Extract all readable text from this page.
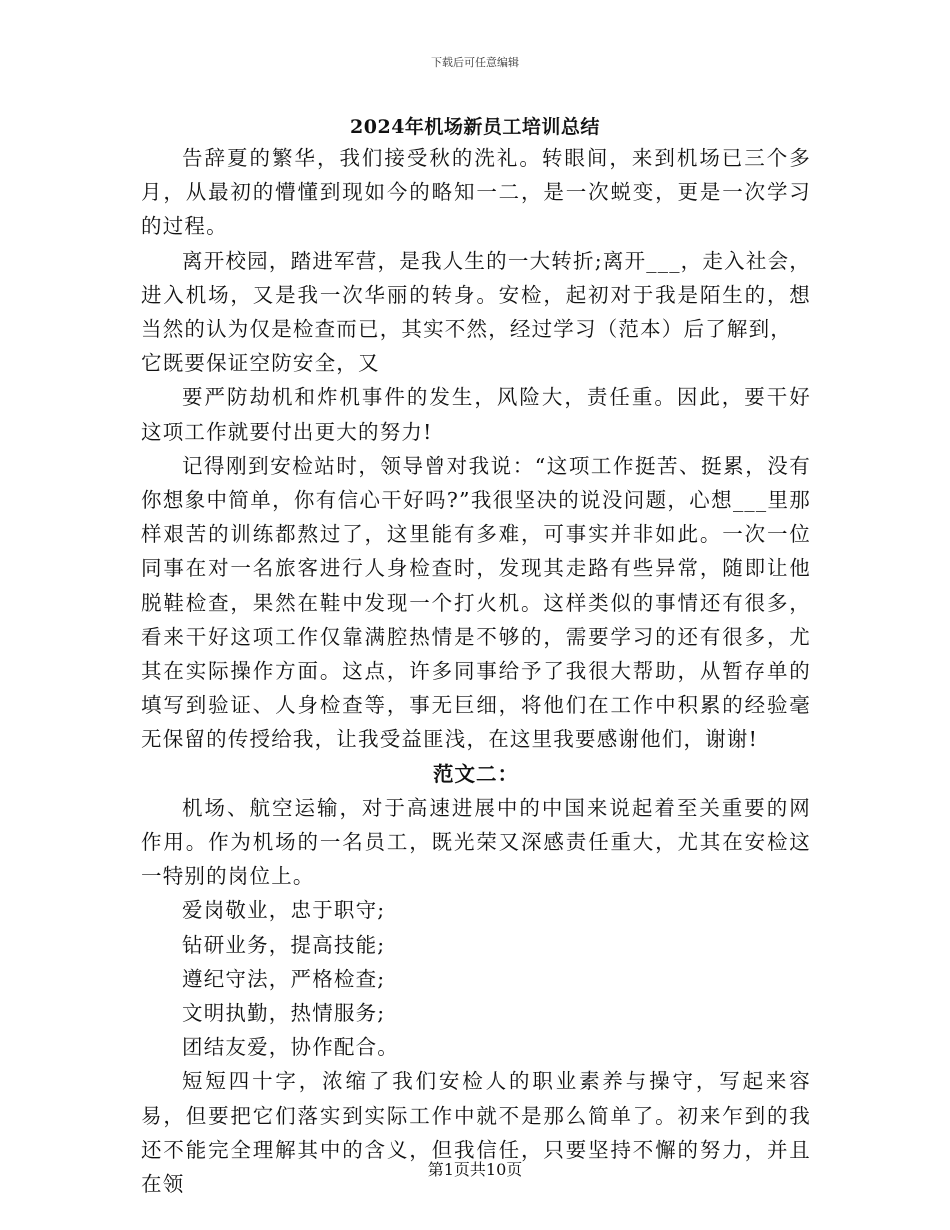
下载后可任意编辑
2024年机场新员工培训总结

告辞夏的繁华，我们接受秋的洗礼。转眼间，来到机场已三个多月，从最初的懵懂到现如今的略知一二，是一次蜕变，更是一次学习的过程。

离开校园，踏进军营，是我人生的一大转折;离开___，走入社会，进入机场，又是我一次华丽的转身。安检，起初对于我是陌生的，想当然的认为仅是检查而已，其实不然，经过学习（范本）后了解到，

它既要保证空防安全，又

要严防劫机和炸机事件的发生，风险大，责任重。因此，要干好这项工作就要付出更大的努力!

记得刚到安检站时，领导曾对我说：“这项工作挺苦、挺累，没有你想象中简单，你有信心干好吗?”我很坚决的说没问题，心想___里那样艰苦的训练都熬过了，这里能有多难，可事实并非如此。一次一位同事在对一名旅客进行人身检查时，发现其走路有些异常，随即让他脱鞋检查，果然在鞋中发现一个打火机。这样类似的事情还有很多，看来干好这项工作仅靠满腔热情是不够的，需要学习的还有很多，尤其在实际操作方面。这点，许多同事给予了我很大帮助，从暂存单的填写到验证、人身检查等，事无巨细，将他们在工作中积累的经验毫无保留的传授给我，让我受益匪浅，在这里我要感谢他们，谢谢!

范文二：

机场、航空运输，对于高速进展中的中国来说起着至关重要的网作用。作为机场的一名员工，既光荣又深感责任重大，尤其在安检这一特别的岗位上。

爱岗敬业，忠于职守;

钻研业务，提高技能;

遵纪守法，严格检查;

文明执勤，热情服务;

团结友爱，协作配合。

短短四十字，浓缩了我们安检人的职业素养与操守，写起来容易，但要把它们落实到实际工作中就不是那么简单了。初来乍到的我还不能完全理解其中的含义，但我信任，只要坚持不懈的努力，并且在领

第1页共10页
